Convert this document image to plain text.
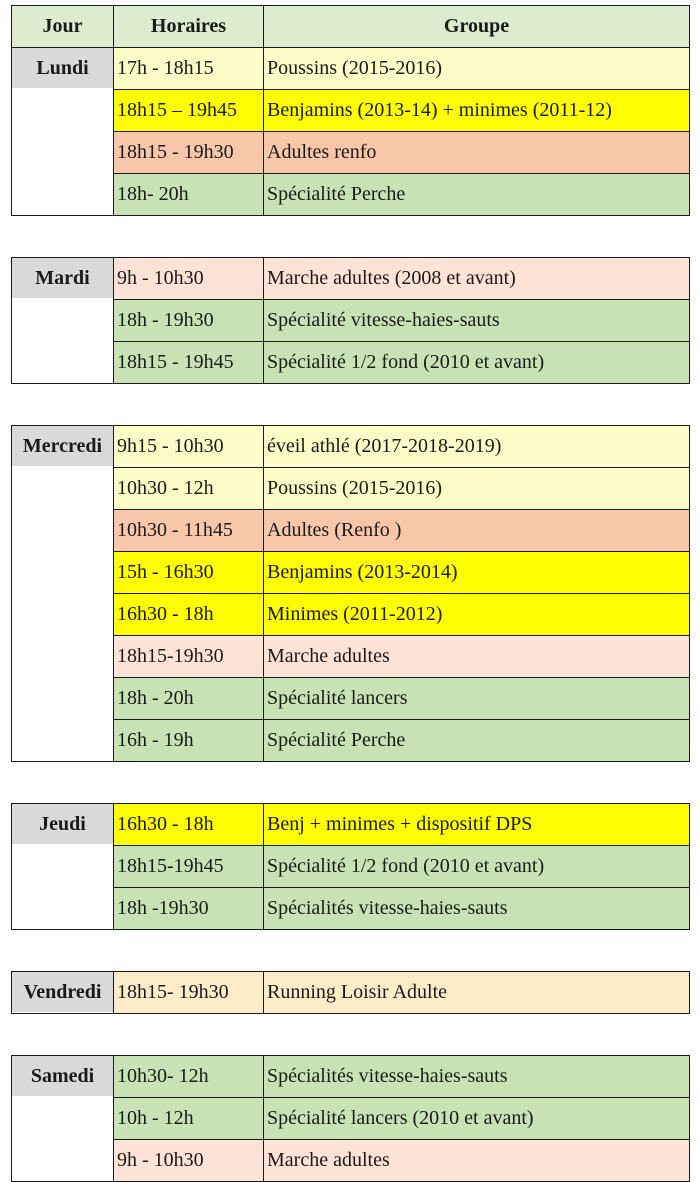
Jour	Horaires	Groupe

Lundi	17h - 18h15	Poussins (2015-2016)
	18h15 – 19h45	Benjamins (2013-14) + minimes (2011-12)
	18h15 - 19h30	Adultes renfo
	18h- 20h	Spécialité Perche

Mardi	9h - 10h30	Marche adultes (2008 et avant)
	18h - 19h30	Spécialité vitesse-haies-sauts
	18h15 - 19h45	Spécialité 1/2 fond (2010 et avant)

Mercredi	9h15 - 10h30	éveil athlé (2017-2018-2019)
	10h30 - 12h	Poussins (2015-2016)
	10h30 - 11h45	Adultes (Renfo )
	15h - 16h30	Benjamins (2013-2014)
	16h30 - 18h	Minimes (2011-2012)
	18h15-19h30	Marche adultes
	18h - 20h	Spécialité lancers
	16h - 19h	Spécialité Perche

Jeudi	16h30 - 18h	Benj + minimes + dispositif DPS
	18h15-19h45	Spécialité 1/2 fond (2010 et avant)
	18h -19h30	Spécialités vitesse-haies-sauts

Vendredi	18h15- 19h30	Running Loisir Adulte

Samedi	10h30- 12h	Spécialités vitesse-haies-sauts
	10h - 12h	Spécialité lancers (2010 et avant)
	9h - 10h30	Marche adultes
